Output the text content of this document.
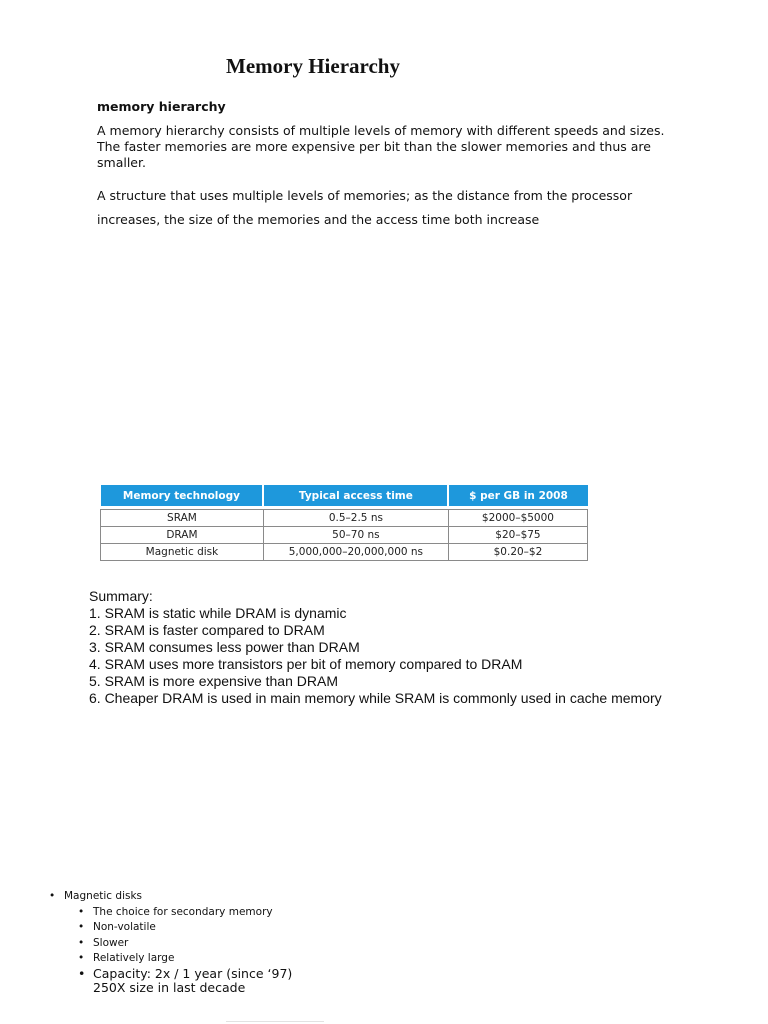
Memory Hierarchy
memory hierarchy
A memory hierarchy consists of multiple levels of memory with different speeds and sizes. The faster memories are more expensive per bit than the slower memories and thus are smaller.
A structure that uses multiple levels of memories; as the distance from the processor
increases, the size of the memories and the access time both increase
Memory technology	Typical access time	$ per GB in 2008

SRAM	0.5–2.5 ns	$2000–$5000
DRAM	50–70 ns	$20–$75
Magnetic disk	5,000,000–20,000,000 ns	$0.20–$2
Summary:
1. SRAM is static while DRAM is dynamic
2. SRAM is faster compared to DRAM
3. SRAM consumes less power than DRAM
4. SRAM uses more transistors per bit of memory compared to DRAM
5. SRAM is more expensive than DRAM
6. Cheaper DRAM is used in main memory while SRAM is commonly used in cache memory
• Magnetic disks
• The choice for secondary memory
• Non-volatile
• Slower
• Relatively large
• Capacity: 2x / 1 year (since ‘97)
250X size in last decade
